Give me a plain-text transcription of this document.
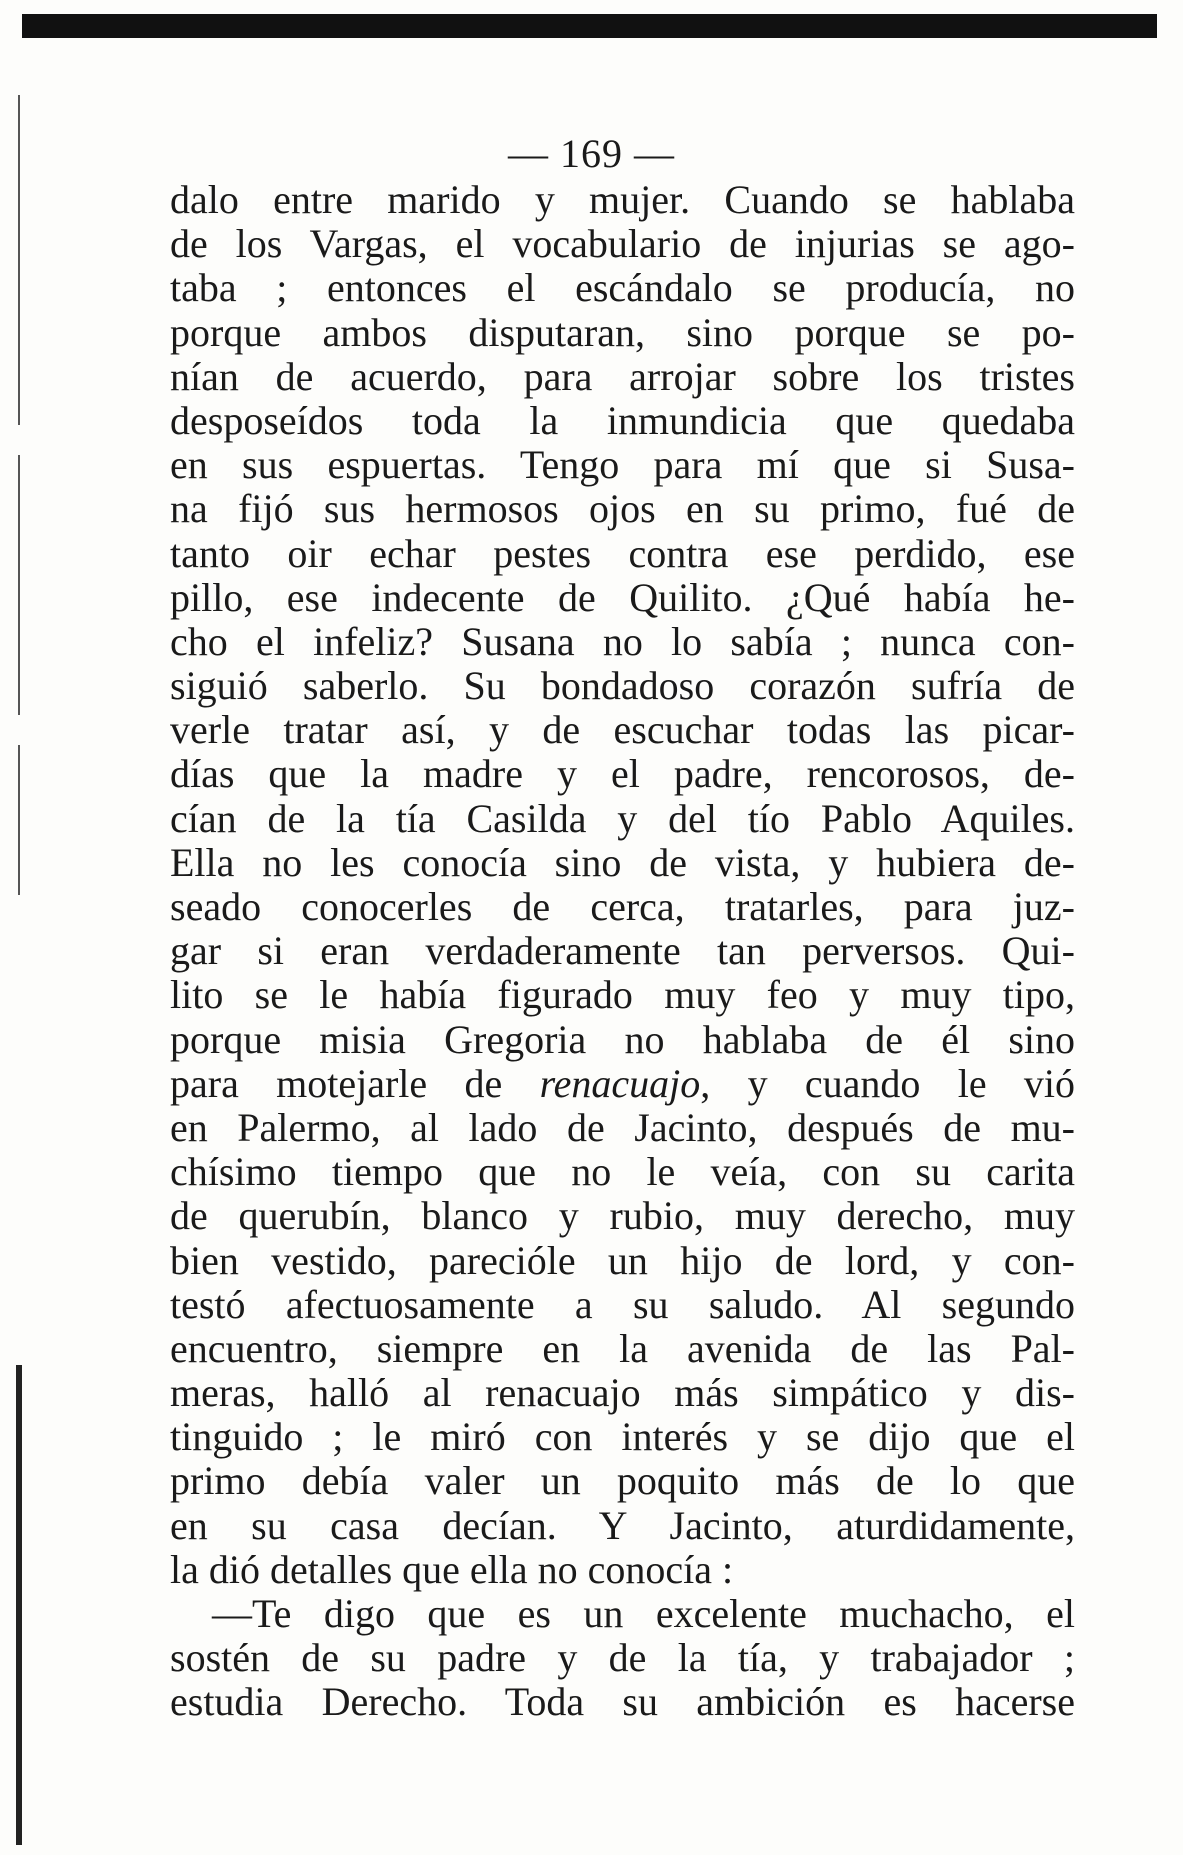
— 169 —
dalo entre marido y mujer. Cuando se hablaba
de los Vargas, el vocabulario de injurias se ago-
taba ; entonces el escándalo se producía, no
porque ambos disputaran, sino porque se po-
nían de acuerdo, para arrojar sobre los tristes
desposeídos toda la inmundicia que quedaba
en sus espuertas. Tengo para mí que si Susa-
na fijó sus hermosos ojos en su primo, fué de
tanto oir echar pestes contra ese perdido, ese
pillo, ese indecente de Quilito. ¿Qué había he-
cho el infeliz? Susana no lo sabía ; nunca con-
siguió saberlo. Su bondadoso corazón sufría de
verle tratar así, y de escuchar todas las picar-
días que la madre y el padre, rencorosos, de-
cían de la tía Casilda y del tío Pablo Aquiles.
Ella no les conocía sino de vista, y hubiera de-
seado conocerles de cerca, tratarles, para juz-
gar si eran verdaderamente tan perversos. Qui-
lito se le había figurado muy feo y muy tipo,
porque misia Gregoria no hablaba de él sino
para motejarle de renacuajo, y cuando le vió
en Palermo, al lado de Jacinto, después de mu-
chísimo tiempo que no le veía, con su carita
de querubín, blanco y rubio, muy derecho, muy
bien vestido, parecióle un hijo de lord, y con-
testó afectuosamente a su saludo. Al segundo
encuentro, siempre en la avenida de las Pal-
meras, halló al renacuajo más simpático y dis-
tinguido ; le miró con interés y se dijo que el
primo debía valer un poquito más de lo que
en su casa decían. Y Jacinto, aturdidamente,
la dió detalles que ella no conocía :
—Te digo que es un excelente muchacho, el
sostén de su padre y de la tía, y trabajador ;
estudia Derecho. Toda su ambición es hacerse
